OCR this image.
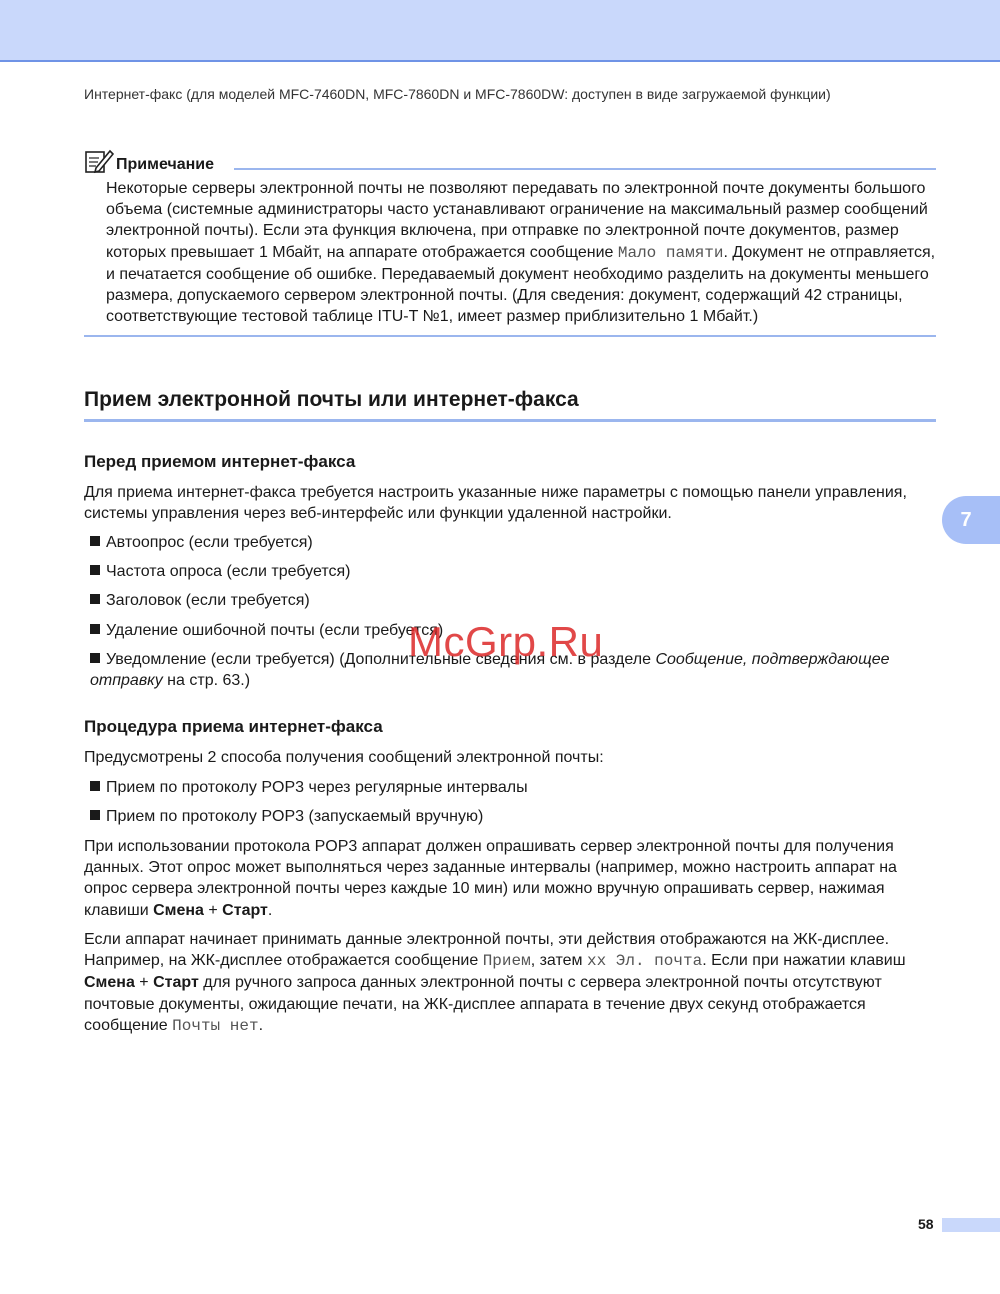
Интернет-факс (для моделей MFC-7460DN, MFC-7860DN и MFC-7860DW: доступен в виде загружаемой функции)
Примечание
Некоторые серверы электронной почты не позволяют передавать по электронной почте документы большого объема (системные администраторы часто устанавливают ограничение на максимальный размер сообщений электронной почты). Если эта функция включена, при отправке по электронной почте документов, размер которых превышает 1 Мбайт, на аппарате отображается сообщение Мало памяти. Документ не отправляется, и печатается сообщение об ошибке. Передаваемый документ необходимо разделить на документы меньшего размера, допускаемого сервером электронной почты. (Для сведения: документ, содержащий 42 страницы, соответствующие тестовой таблице ITU-T №1, имеет размер приблизительно 1 Мбайт.)
Прием электронной почты или интернет-факса
Перед приемом интернет-факса
Для приема интернет-факса требуется настроить указанные ниже параметры с помощью панели управления, системы управления через веб-интерфейс или функции удаленной настройки.
Автоопрос (если требуется)
Частота опроса (если требуется)
Заголовок (если требуется)
Удаление ошибочной почты (если требуется)
Уведомление (если требуется) (Дополнительные сведения см. в разделе Сообщение, подтверждающее отправку на стр. 63.)
Процедура приема интернет-факса
Предусмотрены 2 способа получения сообщений электронной почты:
Прием по протоколу POP3 через регулярные интервалы
Прием по протоколу POP3 (запускаемый вручную)
При использовании протокола POP3 аппарат должен опрашивать сервер электронной почты для получения данных. Этот опрос может выполняться через заданные интервалы (например, можно настроить аппарат на опрос сервера электронной почты через каждые 10 мин) или можно вручную опрашивать сервер, нажимая клавиши Смена + Старт.
Если аппарат начинает принимать данные электронной почты, эти действия отображаются на ЖК-дисплее. Например, на ЖК-дисплее отображается сообщение Прием, затем xx Эл. почта. Если при нажатии клавиш Смена + Старт для ручного запроса данных электронной почты с сервера электронной почты отсутствуют почтовые документы, ожидающие печати, на ЖК-дисплее аппарата в течение двух секунд отображается сообщение Почты нет.
7
McGrp.Ru
58
